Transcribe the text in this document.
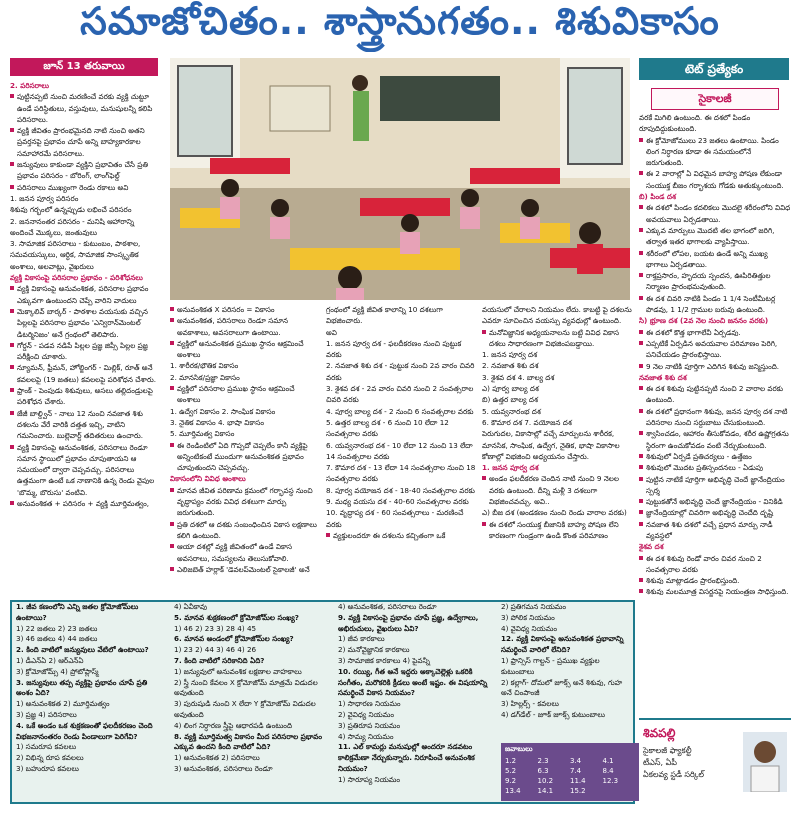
సమాజోచితం.. శాస్త్రానుగతం.. శిశువికాసం
జూన్ 13 తరువాయి	టెట్ ప్రత్యేకం
సైకాలజీ

2. పరిసరాలు

పుట్టినప్పటి నుంచి మరణించే వరకు వ్యక్తి చుట్టూ ఉండే పరిస్థితులు, వస్తువులు, మనుషులన్నీ కలిపి పరిసరాలు.

వ్యక్తి జీవితం ప్రారంభమైనది నాటి నుంచి అతని ప్రవర్తనపై ప్రభావం చూపే అన్ని బాహ్యకారకాల సమాహారమే పరిసరాలు.

జన్యువులు కాకుండా వ్యక్తిని ప్రభావితం చేసే ప్రతి ప్రభావం పరిసరం - బోరింగ్, లాంగ్‌ఫెల్డ్

పరిసరాలు ముఖ్యంగా రెండు రకాలు అవి

1. జనన పూర్వ పరిసరం

శిశువు గర్భంలో ఉన్నప్పుడు లభించే పరిసరం

2. జననానంతర పరిసరం - మనిషి ఆహారాన్ని అందించే మొక్కలు, జంతువులు

3. సామాజిక పరిసరాలు - కుటుంబం, పాఠశాల, సమవయస్కులు, ఆర్థిక, సామాజిక సాంస్కృతిక అంశాలు, అలవాట్లు, వైఖరులు

వ్యక్తి వికాసంపై పరిసరాల ప్రభావం - పరిశోధనలు

వ్యక్తి వికాసంపై అనువంశికత, పరిసరాల ప్రభావం ఎక్కువగా ఉంటుందని చెప్పే వారిని వాదులు

మెక్కాలివ్ బార్కర్ - పాఠశాల వయసుకు వచ్చిన పిల్లలపై పరిసరాల ప్రభావం 'ఎన్విరాన్‌మెంటల్ డిటర్మినిజం' అనే గ్రంథంలో తెలిపారు.

గోర్డన్ - పడవ నడిపే పిల్లల ప్రజ్ఞ జిప్సీ పిల్లల ప్రజ్ఞ పరీక్షించి చూశారు.

న్యూమన్, ఫ్రీమన్, హోల్జింగర్ - మిల్లిక్, రూత్ అనే కవలలపై (19 జతలు) కవలలపై పరిశోధన చేశారు.

ఫ్రాంక్ - పెంపుడు శిశువులు, అసలు తల్లిదండ్రులపై పరిశోధన చేశారు.

జేజీ బాల్డ్విన్ - నాలు 12 నుంచి నవజాత శిశు దశలను వేరే వారికి దత్తత ఇచ్చి, వాటిని గమనించారు. బుల్లెవార్ట్ తదితరులు ఉంచారు.

వ్యక్తి వికాసంపై అనువంశికత, పరిసరాలు రెండూ సమాన స్థాయిలో ప్రభావం చూపుతాయని ఆ సమయంలో ద్వారా చెప్పవచ్చు. పరిసరాలు ఉత్తమంగా ఉంటే ఒక నాణానికి ఉన్న రెండు వైపుల 'బొమ్మ, బొరుసు' వంటివి.

అనువంశికత + పరిసరం + వ్యక్తి మూర్తిమత్వం,

అనువంశికత X పరిసరం = వికాసం

అనువంశికత, పరిసరాలు రెండూ సమాన అవకాశాలు, అవసరాలుగా ఉంటాయి.

వ్యక్తిలో అనువంశికత ప్రముఖ స్థానం ఆక్రమించే అంశాలు

1. శారీరక/భౌతిక వికాసం

2. మానసిక/ప్రజ్ఞా వికాసం

వ్యక్తిలో పరిసరాల ప్రముఖ స్థానం ఆక్రమించే అంశాలు

1. ఉద్వేగ వికాసం 2. సాంఘిక వికాసం

3. నైతిక వికాసం 4. భాషా వికాసం

5. మూర్తిమత్వ వికాసం

ఈ రెండింటిలో ఏది గొప్పదో చెప్పలేం కానీ వ్యక్తిపై అన్నింటికంటే ముందుగా అనువంశికత ప్రభావం చూపుతుందని చెప్పవచ్చు.

వికాసంలోని వివిధ అంశాలు

మానవ జీవిత పరిణామ క్రమంలో గర్భావస్థ నుంచి వృద్ధాప్యం వరకు వివిధ దశలుగా మార్పు జరుగుతుంది.

ప్రతి దశలో ఆ దశకు సంబంధించిన వికాస లక్షణాలు కలిగి ఉంటుంది.

ఆయా దశల్లో వ్యక్తి జీవితంలో ఉండే వికాస అవసరాలు, సమస్యలను తెలుసుకోవాలి.

ఎలిజబెత్ హర్లాక్ 'డెవలప్‌మెంటల్ సైకాలజీ' అనే

గ్రంథంలో వ్యక్తి జీవిత కాలాన్ని 10 దశలుగా విభజించారు.

అవి

1. జనన పూర్వ దశ - ఫలదీకరణం నుంచి పుట్టుక వరకు

2. నవజాత శిశు దశ - పుట్టుక నుంచి 2వ వారం చివరి వరకు

3. శైశవ దశ - 2వ వారం చివరి నుంచి 2 సంవత్సరాల చివరి వరకు

4. పూర్వ బాల్య దశ - 2 నుంచి 6 సంవత్సరాల వరకు

5. ఉత్తర బాల్య దశ - 6 నుంచి 10 లేదా 12 సంవత్సరాల వరకు

6. యవ్వనారంభ దశ - 10 లేదా 12 నుంచి 13 లేదా 14 సంవత్సరాల వరకు

7. కౌమార దశ - 13 లేదా 14 సంవత్సరాల నుంచి 18 సంవత్సరాల వరకు

8. పూర్వ వయోజన దశ - 18-40 సంవత్సరాల వరకు

9. మధ్య వయసు దశ - 40-60 సంవత్సరాల వరకు

10. వృద్ధాప్య దశ - 60 సంవత్సరాలు - మరణించే వరకు

వ్యక్తులందరూ ఈ దశలను కచ్చితంగా ఒకే

వయసులో చేరాలని నియమం లేదు. కాబట్టి పై దశలను ఎవరూ సూచించిన వయస్సు వ్యవధుల్లో ఉంటుంది.

మనోవిజ్ఞానిక అధ్యయనాలను బట్టి వివిధ వికాస దశలు సాధారణంగా విభజింపబడ్డాయి.

1. జనన పూర్వ దశ

2. నవజాత శిశు దశ

3. శైశవ దశ 4. బాల్య దశ

ఎ) పూర్వ బాల్య దశ

బి) ఉత్తర బాల్య దశ

5. యవ్వనారంభ దశ

6. కౌమార దశ 7. వయోజన దశ

పెరుగుదల, వికాసాల్లో వచ్చే మార్పులను శారీరక, మానసిక, సాంఘిక, ఉద్వేగ, నైతిక, భాషా వికాసాల కోణాల్లో విభజించి అధ్యయనం చేస్తారు.

1. జనన పూర్వ దశ

అండం ఫలదీకరణ చెందిన నాటి నుంచి 9 నెలల వరకు ఉంటుంది. దీన్ని మళ్లీ 3 దశలుగా విభజించవచ్చు. అవి..

ఎ) బీజ దశ (అండకణం నుంచి రెండు వారాల వరకు)

ఈ దశలో సంయుక్త బీజానికి బాహ్య పోషణ లేని కారణంగా గుండ్రంగా ఉండి కొంత పరిమాణం

వరకే మిగిలి ఉంటుంది. ఈ దశలో పిండం రూపుదిద్దుకుంటుంది.

ఈ క్రోమోజోములు 23 జతలు ఉంటాయి. పిండం లింగ నిర్ధారణ కూడా ఈ సమయంలోనే జరుగుతుంది.

ఈ 2 వారాల్లో ఏ విధమైన బాహ్య పోషణ లేకుండా సంయుక్త బీజం గర్భాశయ గోడకు అతుక్కుంటుంది.

బి) పిండ దశ

ఈ దశలో పిండం కదలికలు మొదలై శరీరంలోని వివిధ అవయవాలు ఏర్పడతాయి.

ఎక్కువ మార్పులు మొదటి తల భాగంలో జరిగి, తర్వాత ఇతర భాగాలకు వ్యాపిస్తాయి.

శరీరంలో లోపల, బయట ఉండే అన్ని ముఖ్య భాగాలు ఏర్పడతాయి.

రాక్తప్రసారం, హృదయ స్పందన, ఊపిరితిత్తుల నిర్మాణం ప్రారంభమవుతుంది.

ఈ దశ చివరి నాటికి పిండం 1 1/4 సెంటీమీటర్ల పొడవు, 1 1/2 గ్రాముల బరువు ఉంటుంది.

సి) భ్రూణ దశ (2వ నెల నుంచి జననం వరకు)

ఈ దశలో కొత్త భాగాలేవీ ఏర్పడవు.

ఎప్పటికే ఏర్పడిన అవయవాల పరిమాణం పెరిగి, పనిచేయడం ప్రారంభిస్తాయి.

9 నెల నాటికి పూర్తిగా ఎదిగిన శిశువు జన్మిస్తుంది.

నవజాత శిశు దశ

ఈ దశ శిశువు పుట్టినప్పటి నుంచి 2 వారాల వరకు ఉంటుంది.

ఈ దశలో ప్రధానంగా శిశువు, జనన పూర్వ దశ నాటి పరిసరాల నుంచి సర్దుబాటు చేసుకుంటుంది.

శ్వాసించడం, ఆహారం తీసుకోవడం, శరీర ఉష్ణోగ్రతను స్థిరంగా ఉంచుకోవడం వంటి నేర్చుకుంటుంది.

శిశువులో ఏర్పడే ప్రతిచర్యలు - ఉత్తేజం

శిశువులో మొదట ప్రతిస్పందనలు - ఏడుపు

పుట్టిన నాటికే పూర్తిగా అభివృద్ధి చెందే జ్ఞానేంద్రియం స్పర్శ

పుట్టుకతోనే అభివృద్ధి చెందే జ్ఞానేంద్రియం - వినికిడి

జ్ఞానేంద్రియాల్లో చివరిగా అభివృద్ధి చెందేది దృష్టి

నవజాత శిశు దశలో వచ్చే ప్రధాన మార్పు నాడీ వ్యవస్థలో

శైశవ దశ

ఈ దశ శిశువు రెండో వారం చివర నుంచి 2 సంవత్సరాల వరకు

శిశువు మాట్లాడడం ప్రారంభిస్తుంది.

శిశువు మలమూత్ర విసర్జనపై నియంత్రణ సాధిస్తుంది.

1. జీవ కణంలోని ఎన్ని జతల క్రోమోజోమ్‌లు ఉంటాయి?

1) 22 జతలు 2) 23 జతలు

3) 46 జతలు 4) 44 జతలు

2. కింది వాటిలో జన్యువులు వేటిలో ఉంటాయి?

1) డీఎన్ఏ 2) ఆర్ఎన్ఏ

3) క్రోమోజోమ్స్ 4) ప్రోటోప్లాస్మ్

3. జన్యువులు తప్ప వ్యక్తిపై ప్రభావం చూపే ప్రతి అంశం ఏది?

1) అనువంశికత 2) మూర్తిమత్వం

3) ప్రజ్ఞ 4) పరిసరాలు

4. ఒకే అండం ఒక శుక్రకణంతో ఫలదీకరణం చెంది విభజనానంతరం రెండు పిండాలుగా పెరిగేవి?

1) సమరూప కవలలు

2) విభిన్న రూప కవలలు

3) బహురూప కవలలు

4) ఏవీకావు

5. మానవ శుక్రకణంలో క్రోమోజోమ్‌ల సంఖ్య?

1) 46 2) 23 3) 28 4) 45

6. మానవ అండంలో క్రోమోజోమ్‌ల సంఖ్య?

1) 23 2) 44 3) 46 4) 26

7. కింది వాటిలో సరికానిది ఏది?

1) జన్యువులో అనువంశిక లక్షణాల వాహకాలు

2) స్త్రీ నుంచి కేవలం X క్రోమోజోమ్ మాత్రమే విడుదల అవుతుంది

3) పురుషుడి నుంచి X లేదా Y క్రోమోజోమ్ విడుదల అవుతుంది

4) లింగ నిర్ధారణ స్త్రీపై ఆధారపడి ఉంటుంది

8. వ్యక్తి మూర్తిమత్వ వికాసం మీద పరిసరాల ప్రభావం ఎక్కువ ఉందని కింది వాటిలో ఏది?

1) అనువంశికత 2) పరిసరాలు

3) అనువంశికత, పరిసరాలు రెండూ

4) అనువంశికత, పరిసరాలు రెండూ

9. వ్యక్తి వికాసంపై ప్రభావం చూపే ప్రజ్ఞ, ఉద్వేగాలు, అభిరుచులు, వైఖరులు ఏవి?

1) జీవ కారకాలు

2) మనోవైజ్ఞానిక కారకాలు

3) సామాజిక కారకాలు 4) పైవన్నీ

10. రయ్యి, గీత అనే ఇద్దరు అక్కాచెల్లెళ్లు ఒకరికి సంగీతం, మరొకరికి క్రీడలు అంటే ఇష్టం. ఈ విషయాన్ని సమర్థించే వికాస నియమం?

1) సాధారణ నియమం

2) వైవిధ్య నియమం

3) ప్రతిరూప నియమం

4) సామ్య నియమం

11. ఎల్ కామర్లు మనుషుల్లో అందరూ నడవటం కాలిక్రమేణా నేర్చుకున్నారు. నిరూపించే అనువంశిక నియమం?

1) సారూప్య నియమం

2) ప్రతిగమన నియమం

3) పోలిక నియమం

4) వైవిధ్య నియమం

12. వ్యక్తి వికాసంపై అనువంశికత ప్రభావాన్ని సమర్థించే వారిలో లేనిది?

1) ఫ్రాన్సిస్ గాల్టన్ - ప్రముఖ వ్యక్తుల కుటుంబాలు

2) కల్లాగ్- దోమలో జూక్స్ అనే శిశువు, గుహ అనే చింపాంజీ

3) హిల్లర్స్ - కవలలు

4) డగ్‌డేల్ - జూక్ జూక్స్ కుటుంబాలు

జవాబులు
1.2	2.3	3.4	4.1
5.2	6.3	7.4	8.4
9.2	10.2	11.4	12.3
13.4	14.1	15.2
శివపల్లి
సైకాలజీ ఫ్యాకల్టీ
టీఎస్, ఏపీ
ఏకలవ్య స్టడీ సర్కిల్
